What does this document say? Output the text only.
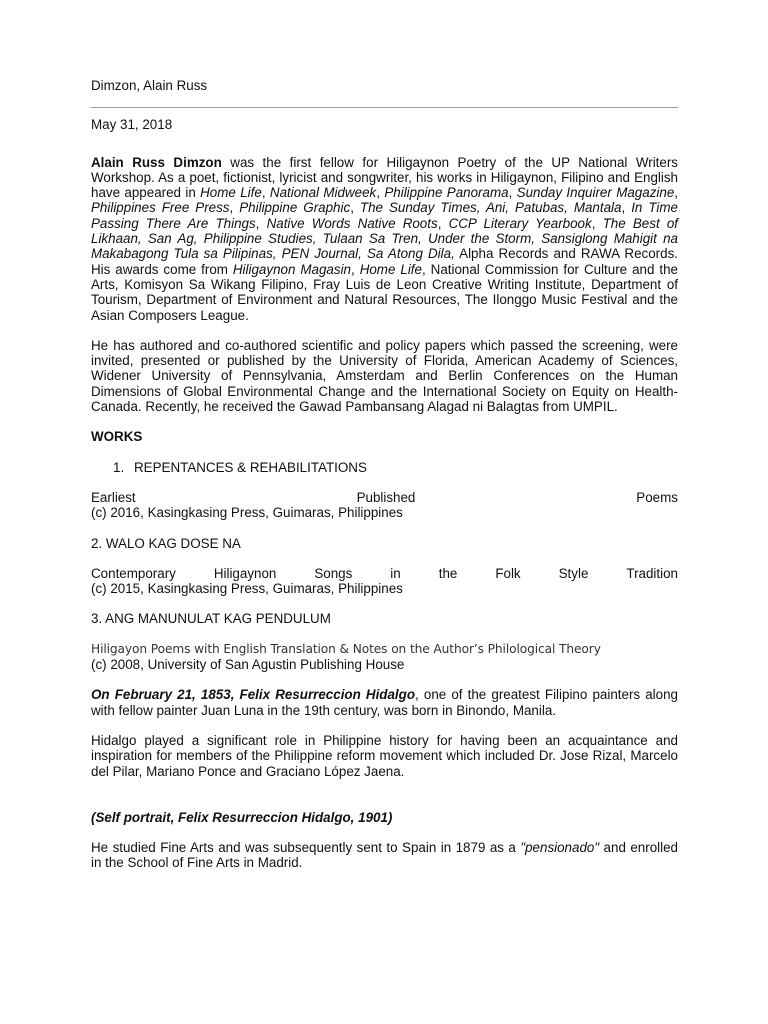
Dimzon, Alain Russ

May 31, 2018

Alain Russ Dimzon was the first fellow for Hiligaynon Poetry of the UP National Writers Workshop. As a poet, fictionist, lyricist and songwriter, his works in Hiligaynon, Filipino and English have appeared in Home Life, National Midweek, Philippine Panorama, Sunday Inquirer Magazine, Philippines Free Press, Philippine Graphic, The Sunday Times, Ani, Patubas, Mantala, In Time Passing There Are Things, Native Words Native Roots, CCP Literary Yearbook, The Best of Likhaan, San Ag, Philippine Studies, Tulaan Sa Tren, Under the Storm, Sansiglong Mahigit na Makabagong Tula sa Pilipinas, PEN Journal, Sa Atong Dila, Alpha Records and RAWA Records. His awards come from Hiligaynon Magasin, Home Life, National Commission for Culture and the Arts, Komisyon Sa Wikang Filipino, Fray Luis de Leon Creative Writing Institute, Department of Tourism, Department of Environment and Natural Resources, The Ilonggo Music Festival and the Asian Composers League.

He has authored and co-authored scientific and policy papers which passed the screening, were invited, presented or published by the University of Florida, American Academy of Sciences, Widener University of Pennsylvania, Amsterdam and Berlin Conferences on the Human Dimensions of Global Environmental Change and the International Society on Equity on Health-Canada. Recently, he received the Gawad Pambansang Alagad ni Balagtas from UMPIL.

WORKS

1. REPENTANCES & REHABILITATIONS

Earliest	Published	Poems

(c) 2016, Kasingkasing Press, Guimaras, Philippines

2. WALO KAG DOSE NA

Contemporary	Hiligaynon	Songs	in	the	Folk	Style	Tradition

(c) 2015, Kasingkasing Press, Guimaras, Philippines

3. ANG MANUNULAT KAG PENDULUM

Hiligayon Poems with English Translation & Notes on the Author’s Philological Theory

(c) 2008, University of San Agustin Publishing House

On February 21, 1853, Felix Resurreccion Hidalgo, one of the greatest Filipino painters along with fellow painter Juan Luna in the 19th century, was born in Binondo, Manila.

Hidalgo played a significant role in Philippine history for having been an acquaintance and inspiration for members of the Philippine reform movement which included Dr. Jose Rizal, Marcelo del Pilar, Mariano Ponce and Graciano López Jaena.

(Self portrait, Felix Resurreccion Hidalgo, 1901)

He studied Fine Arts and was subsequently sent to Spain in 1879 as a "pensionado" and enrolled in the School of Fine Arts in Madrid.
